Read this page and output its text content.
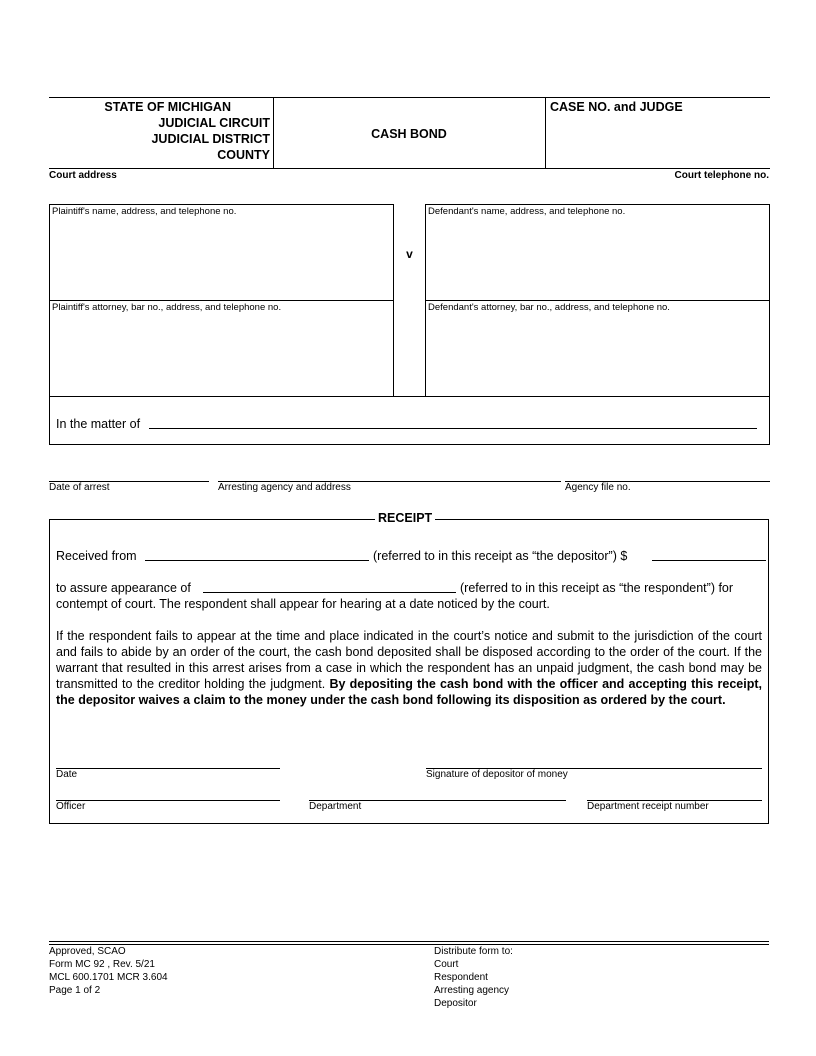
STATE OF MICHIGAN
JUDICIAL CIRCUIT
JUDICIAL DISTRICT
COUNTY
CASH BOND
CASE NO. and JUDGE
Court address	Court telephone no.
Plaintiff's name, address, and telephone no.
Plaintiff's attorney, bar no., address, and telephone no.
Defendant's name, address, and telephone no.
Defendant's attorney, bar no., address, and telephone no.
v
In the matter of
Date of arrest	Arresting agency and address	Agency file no.
RECEIPT
Received from	(referred to in this receipt as “the depositor”) $
to assure appearance of	(referred to in this receipt as “the respondent”) for
contempt of court. The respondent shall appear for hearing at a date noticed by the court.
If the respondent fails to appear at the time and place indicated in the court’s notice and submit to the jurisdiction of the court and fails to abide by an order of the court, the cash bond deposited shall be disposed according to the order of the court. If the warrant that resulted in this arrest arises from a case in which the respondent has an unpaid judgment, the cash bond may be transmitted to the creditor holding the judgment. By depositing the cash bond with the officer and accepting this receipt, the depositor waives a claim to the money under the cash bond following its disposition as ordered by the court.
Date	Signature of depositor of money
Officer	Department	Department receipt number
Approved, SCAO
Form MC 92 , Rev. 5/21
MCL 600.1701 MCR 3.604
Page 1 of 2
Distribute form to:
Court
Respondent
Arresting agency
Depositor
